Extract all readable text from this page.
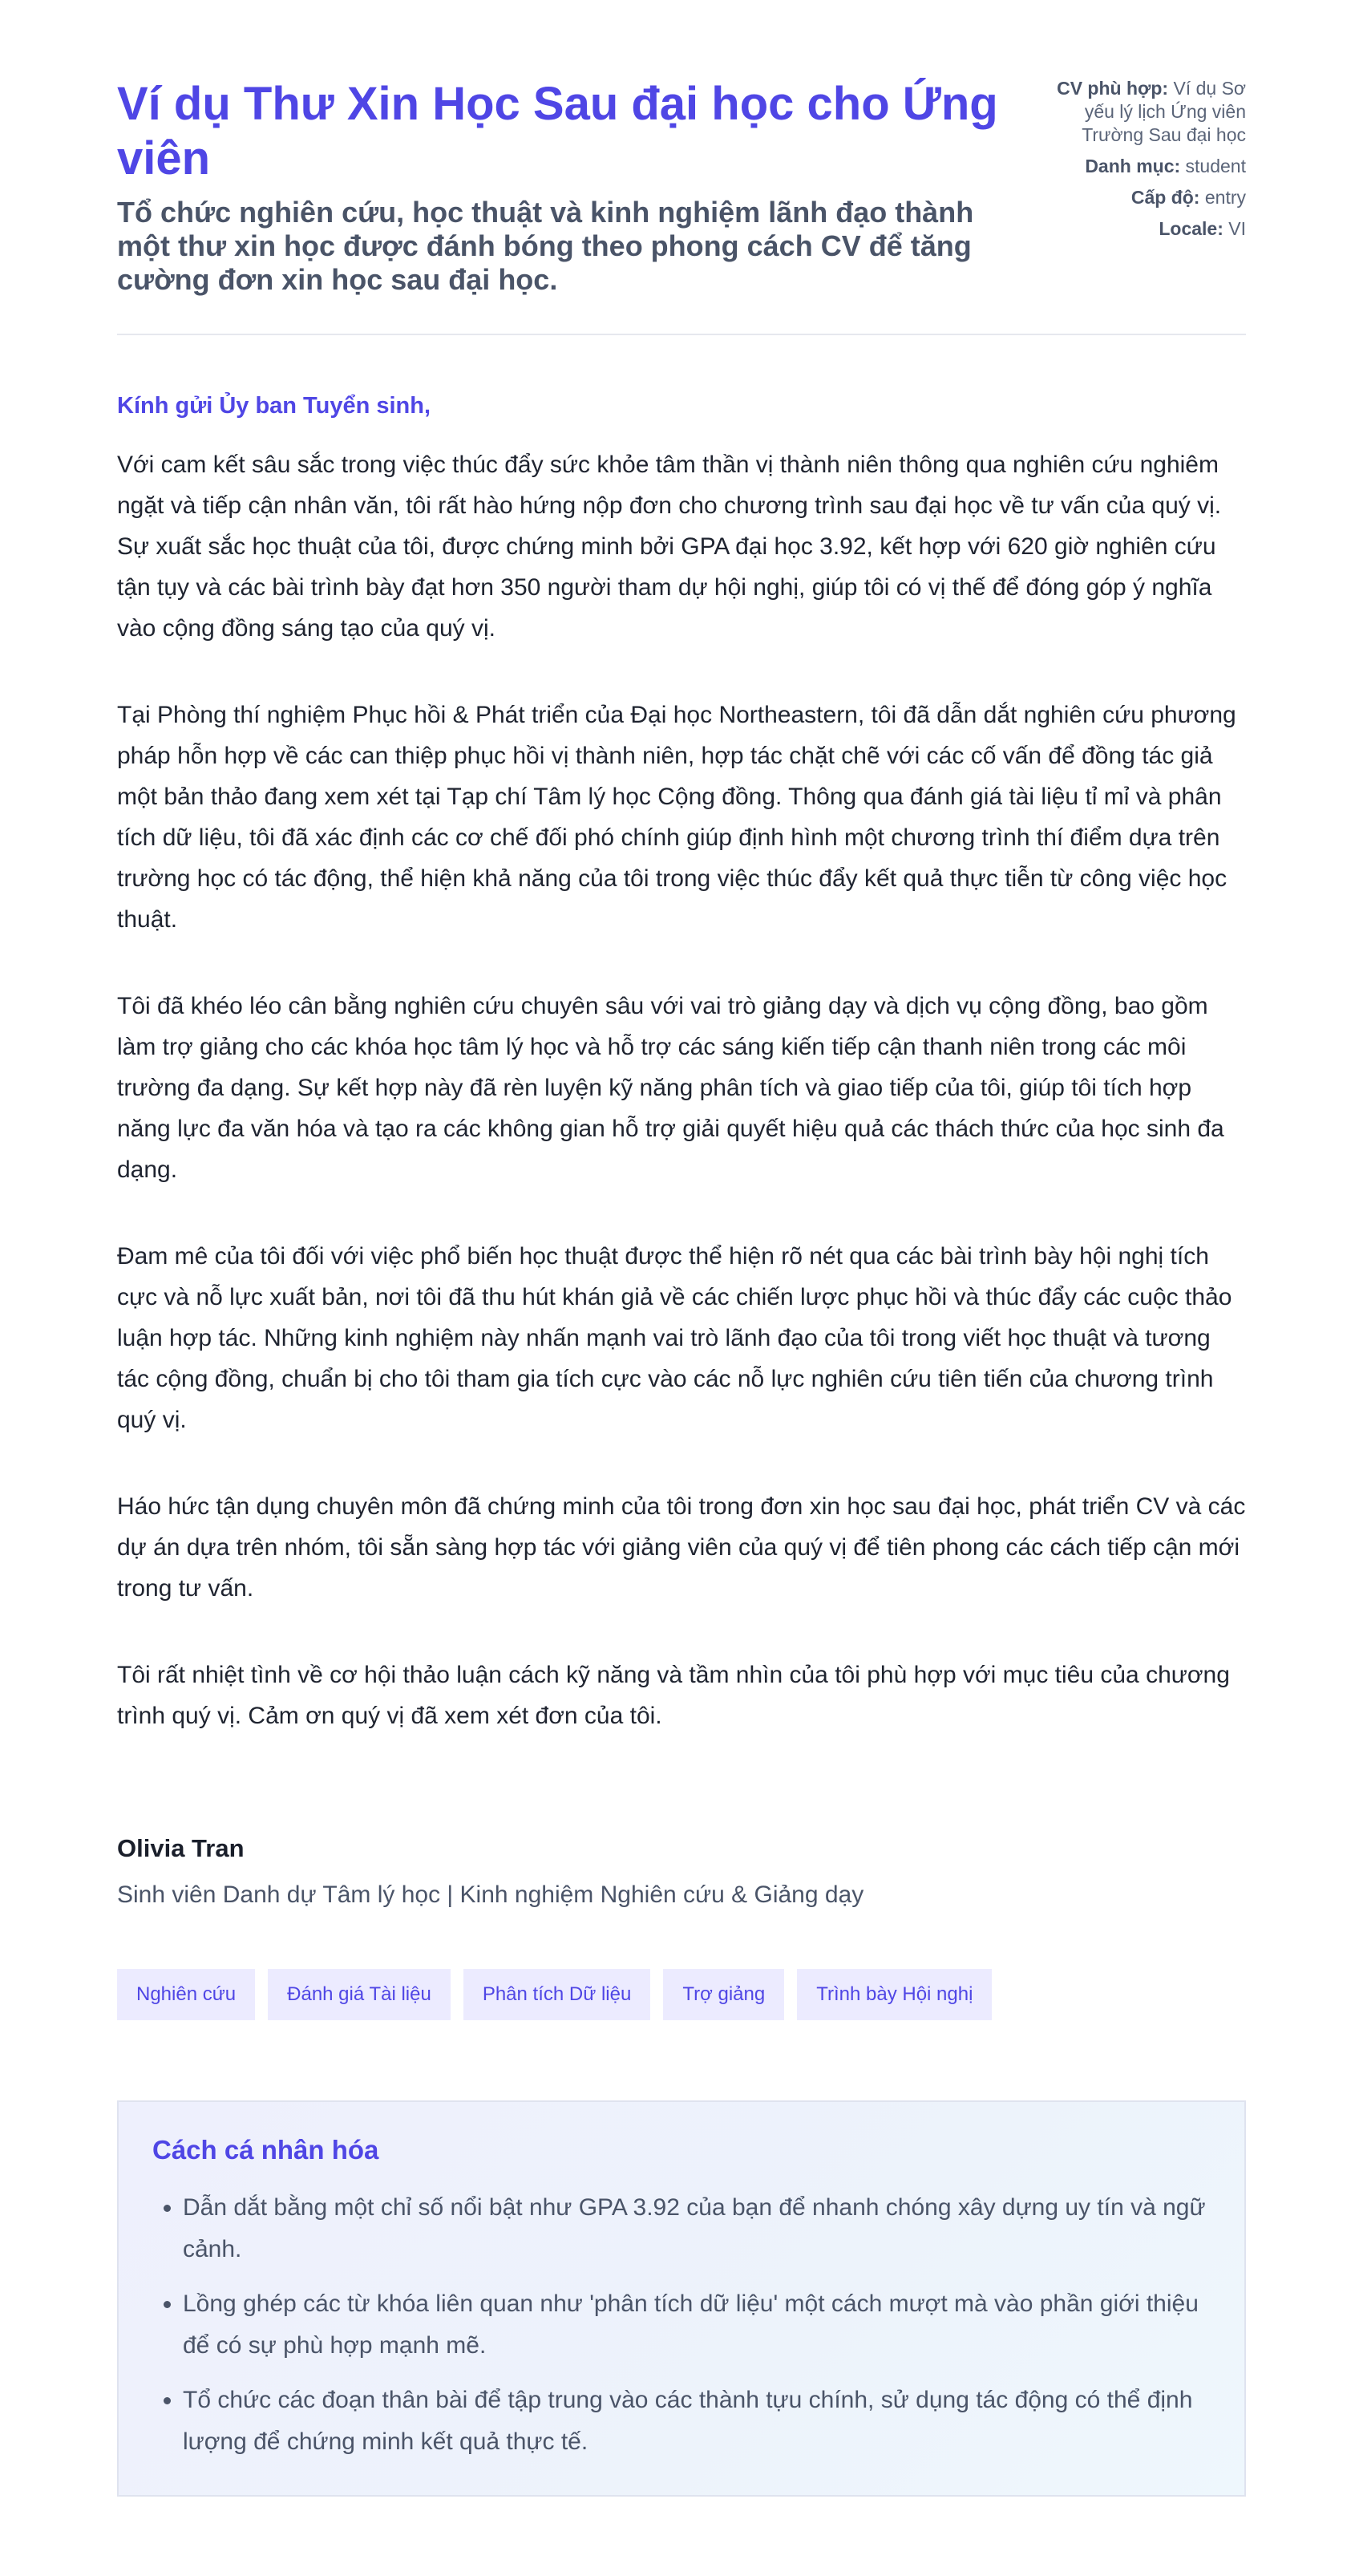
Ví dụ Thư Xin Học Sau đại học cho Ứng viên

Tổ chức nghiên cứu, học thuật và kinh nghiệm lãnh đạo thành một thư xin học được đánh bóng theo phong cách CV để tăng cường đơn xin học sau đại học.

CV phù hợp: Ví dụ Sơ yếu lý lịch Ứng viên Trường Sau đại học
Danh mục: student
Cấp độ: entry
Locale: VI

Kính gửi Ủy ban Tuyển sinh,

Với cam kết sâu sắc trong việc thúc đẩy sức khỏe tâm thần vị thành niên thông qua nghiên cứu nghiêm ngặt và tiếp cận nhân văn, tôi rất hào hứng nộp đơn cho chương trình sau đại học về tư vấn của quý vị. Sự xuất sắc học thuật của tôi, được chứng minh bởi GPA đại học 3.92, kết hợp với 620 giờ nghiên cứu tận tụy và các bài trình bày đạt hơn 350 người tham dự hội nghị, giúp tôi có vị thế để đóng góp ý nghĩa vào cộng đồng sáng tạo của quý vị.

Tại Phòng thí nghiệm Phục hồi & Phát triển của Đại học Northeastern, tôi đã dẫn dắt nghiên cứu phương pháp hỗn hợp về các can thiệp phục hồi vị thành niên, hợp tác chặt chẽ với các cố vấn để đồng tác giả một bản thảo đang xem xét tại Tạp chí Tâm lý học Cộng đồng. Thông qua đánh giá tài liệu tỉ mỉ và phân tích dữ liệu, tôi đã xác định các cơ chế đối phó chính giúp định hình một chương trình thí điểm dựa trên trường học có tác động, thể hiện khả năng của tôi trong việc thúc đẩy kết quả thực tiễn từ công việc học thuật.

Tôi đã khéo léo cân bằng nghiên cứu chuyên sâu với vai trò giảng dạy và dịch vụ cộng đồng, bao gồm làm trợ giảng cho các khóa học tâm lý học và hỗ trợ các sáng kiến tiếp cận thanh niên trong các môi trường đa dạng. Sự kết hợp này đã rèn luyện kỹ năng phân tích và giao tiếp của tôi, giúp tôi tích hợp năng lực đa văn hóa và tạo ra các không gian hỗ trợ giải quyết hiệu quả các thách thức của học sinh đa dạng.

Đam mê của tôi đối với việc phổ biến học thuật được thể hiện rõ nét qua các bài trình bày hội nghị tích cực và nỗ lực xuất bản, nơi tôi đã thu hút khán giả về các chiến lược phục hồi và thúc đẩy các cuộc thảo luận hợp tác. Những kinh nghiệm này nhấn mạnh vai trò lãnh đạo của tôi trong viết học thuật và tương tác cộng đồng, chuẩn bị cho tôi tham gia tích cực vào các nỗ lực nghiên cứu tiên tiến của chương trình quý vị.

Háo hức tận dụng chuyên môn đã chứng minh của tôi trong đơn xin học sau đại học, phát triển CV và các dự án dựa trên nhóm, tôi sẵn sàng hợp tác với giảng viên của quý vị để tiên phong các cách tiếp cận mới trong tư vấn.

Tôi rất nhiệt tình về cơ hội thảo luận cách kỹ năng và tầm nhìn của tôi phù hợp với mục tiêu của chương trình quý vị. Cảm ơn quý vị đã xem xét đơn của tôi.

Olivia Tran
Sinh viên Danh dự Tâm lý học | Kinh nghiệm Nghiên cứu & Giảng dạy
Nghiên cứu	Đánh giá Tài liệu	Phân tích Dữ liệu	Trợ giảng	Trình bày Hội nghị
Cách cá nhân hóa
• Dẫn dắt bằng một chỉ số nổi bật như GPA 3.92 của bạn để nhanh chóng xây dựng uy tín và ngữ cảnh.
• Lồng ghép các từ khóa liên quan như 'phân tích dữ liệu' một cách mượt mà vào phần giới thiệu để có sự phù hợp mạnh mẽ.
• Tổ chức các đoạn thân bài để tập trung vào các thành tựu chính, sử dụng tác động có thể định lượng để chứng minh kết quả thực tế.
